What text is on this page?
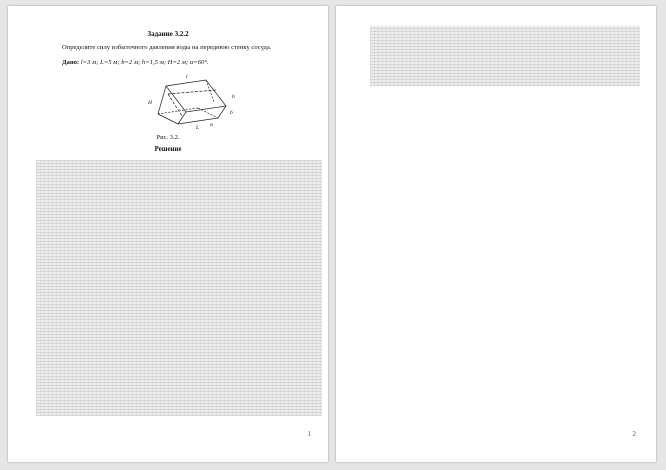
Задание 3.2.2
Определите силу избыточного давления воды на переднюю стенку сосуда.
Дано: l=3 м; L=5 м; b=2 м; h=1,5 м; H=2 м; α=60°.
l
L
b
h
H
α
Рис. 3.2.
Решение
1	2
